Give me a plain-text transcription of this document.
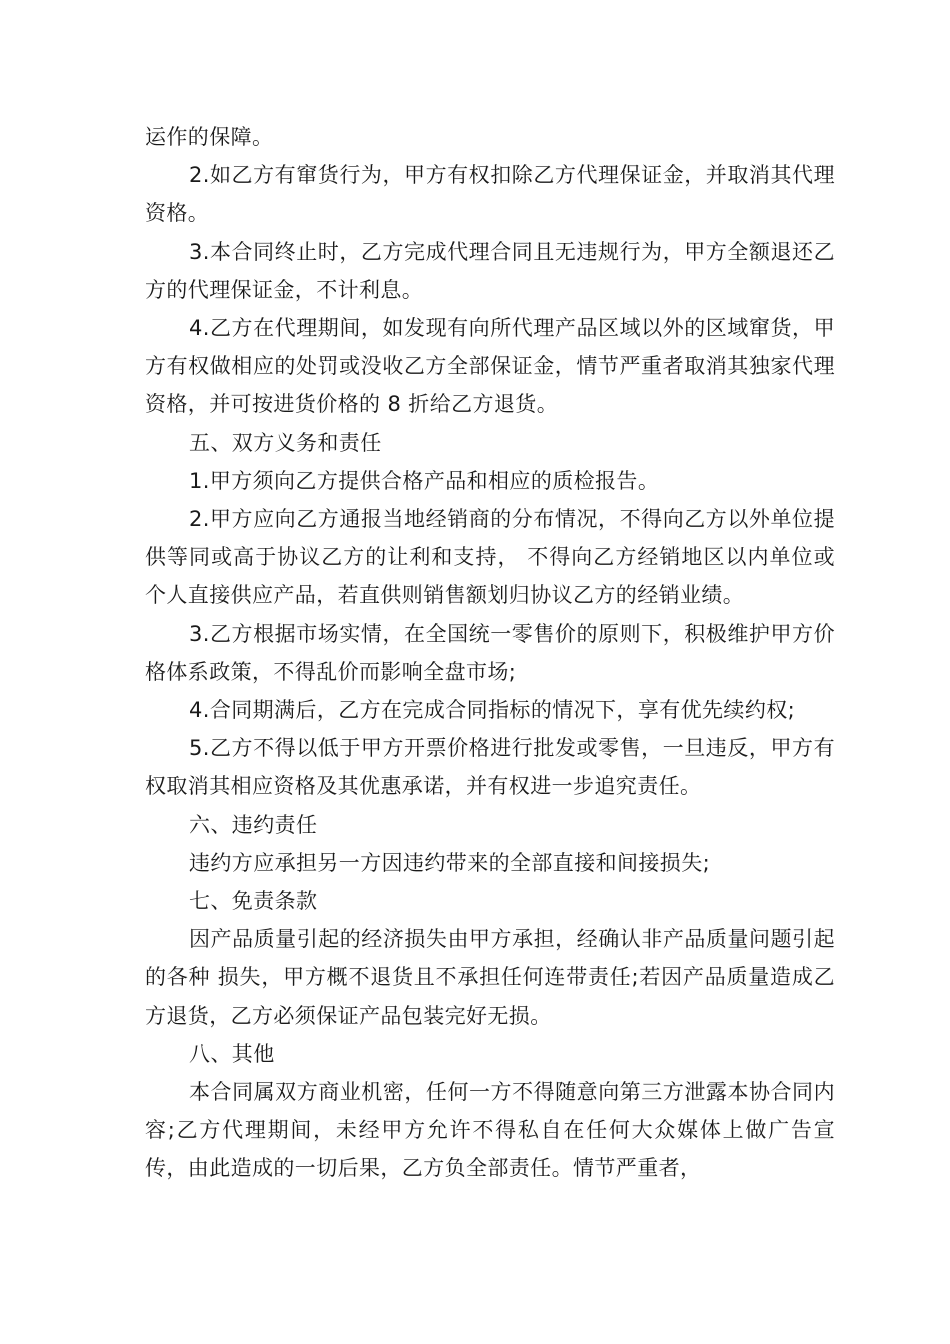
运作的保障。

2.如乙方有窜货行为，甲方有权扣除乙方代理保证金，并取消其代理资格。

3.本合同终止时，乙方完成代理合同且无违规行为，甲方全额退还乙方的代理保证金，不计利息。

4.乙方在代理期间，如发现有向所代理产品区域以外的区域窜货，甲方有权做相应的处罚或没收乙方全部保证金，情节严重者取消其独家代理资格，并可按进货价格的 8 折给乙方退货。

五、双方义务和责任

1.甲方须向乙方提供合格产品和相应的质检报告。

2.甲方应向乙方通报当地经销商的分布情况，不得向乙方以外单位提供等同或高于协议乙方的让利和支持， 不得向乙方经销地区以内单位或个人直接供应产品，若直供则销售额划归协议乙方的经销业绩。

3.乙方根据市场实情，在全国统一零售价的原则下，积极维护甲方价格体系政策，不得乱价而影响全盘市场;

4.合同期满后，乙方在完成合同指标的情况下，享有优先续约权;

5.乙方不得以低于甲方开票价格进行批发或零售，一旦违反，甲方有权取消其相应资格及其优惠承诺，并有权进一步追究责任。

六、违约责任

违约方应承担另一方因违约带来的全部直接和间接损失;

七、免责条款

因产品质量引起的经济损失由甲方承担，经确认非产品质量问题引起的各种 损失，甲方概不退货且不承担任何连带责任;若因产品质量造成乙方退货，乙方必须保证产品包装完好无损。

八、其他

本合同属双方商业机密，任何一方不得随意向第三方泄露本协合同内容;乙方代理期间，未经甲方允许不得私自在任何大众媒体上做广告宣传，由此造成的一切后果，乙方负全部责任。情节严重者，
